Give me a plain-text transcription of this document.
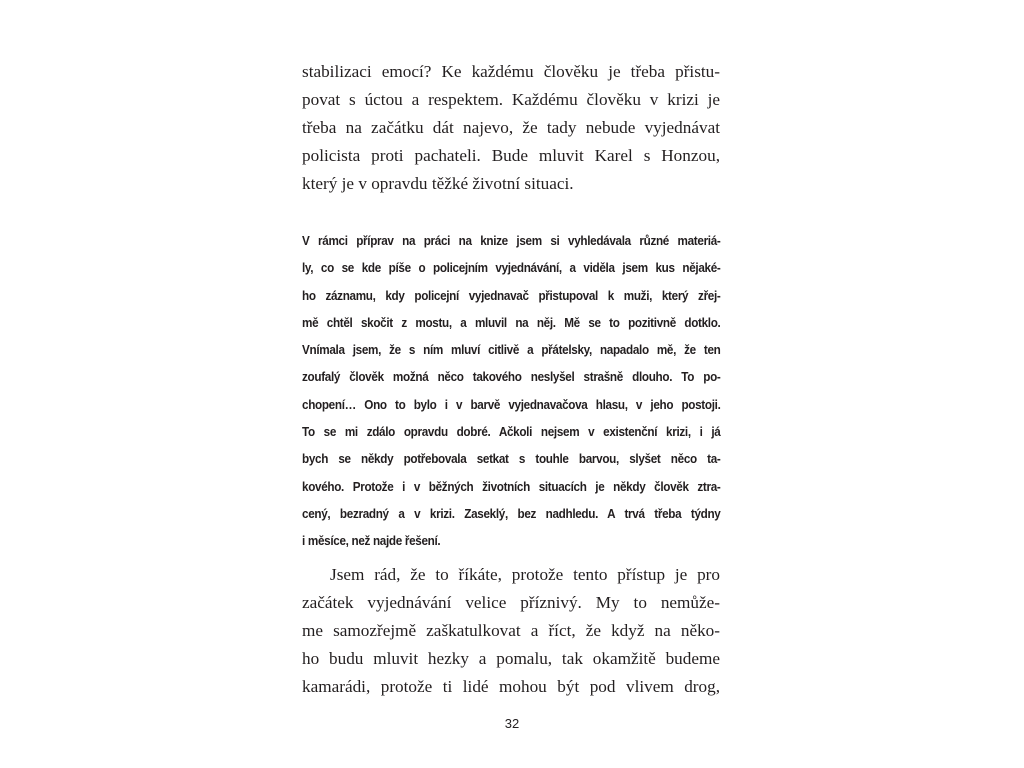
stabilizaci emocí? Ke každému člověku je třeba přistu-
povat s úctou a respektem. Každému člověku v krizi je
třeba na začátku dát najevo, že tady nebude vyjednávat
policista proti pachateli. Bude mluvit Karel s Honzou,
který je v opravdu těžké životní situaci.
V rámci příprav na práci na knize jsem si vyhledávala různé materiá-
ly, co se kde píše o policejním vyjednávání, a viděla jsem kus nějaké-
ho záznamu, kdy policejní vyjednavač přistupoval k muži, který zřej-
mě chtěl skočit z mostu, a mluvil na něj. Mě se to pozitivně dotklo.
Vnímala jsem, že s ním mluví citlivě a přátelsky, napadalo mě, že ten
zoufalý člověk možná něco takového neslyšel strašně dlouho. To po-
chopení… Ono to bylo i v barvě vyjednavačova hlasu, v jeho postoji.
To se mi zdálo opravdu dobré. Ačkoli nejsem v existenční krizi, i já
bych se někdy potřebovala setkat s touhle barvou, slyšet něco ta-
kového. Protože i v běžných životních situacích je někdy člověk ztra-
cený, bezradný a v krizi. Zaseklý, bez nadhledu. A trvá třeba týdny
i měsíce, než najde řešení.
Jsem rád, že to říkáte, protože tento přístup je pro
začátek vyjednávání velice příznivý. My to nemůže-
me samozřejmě zaškatulkovat a říct, že když na něko-
ho budu mluvit hezky a pomalu, tak okamžitě budeme
kamarádi, protože ti lidé mohou být pod vlivem drog,
32
